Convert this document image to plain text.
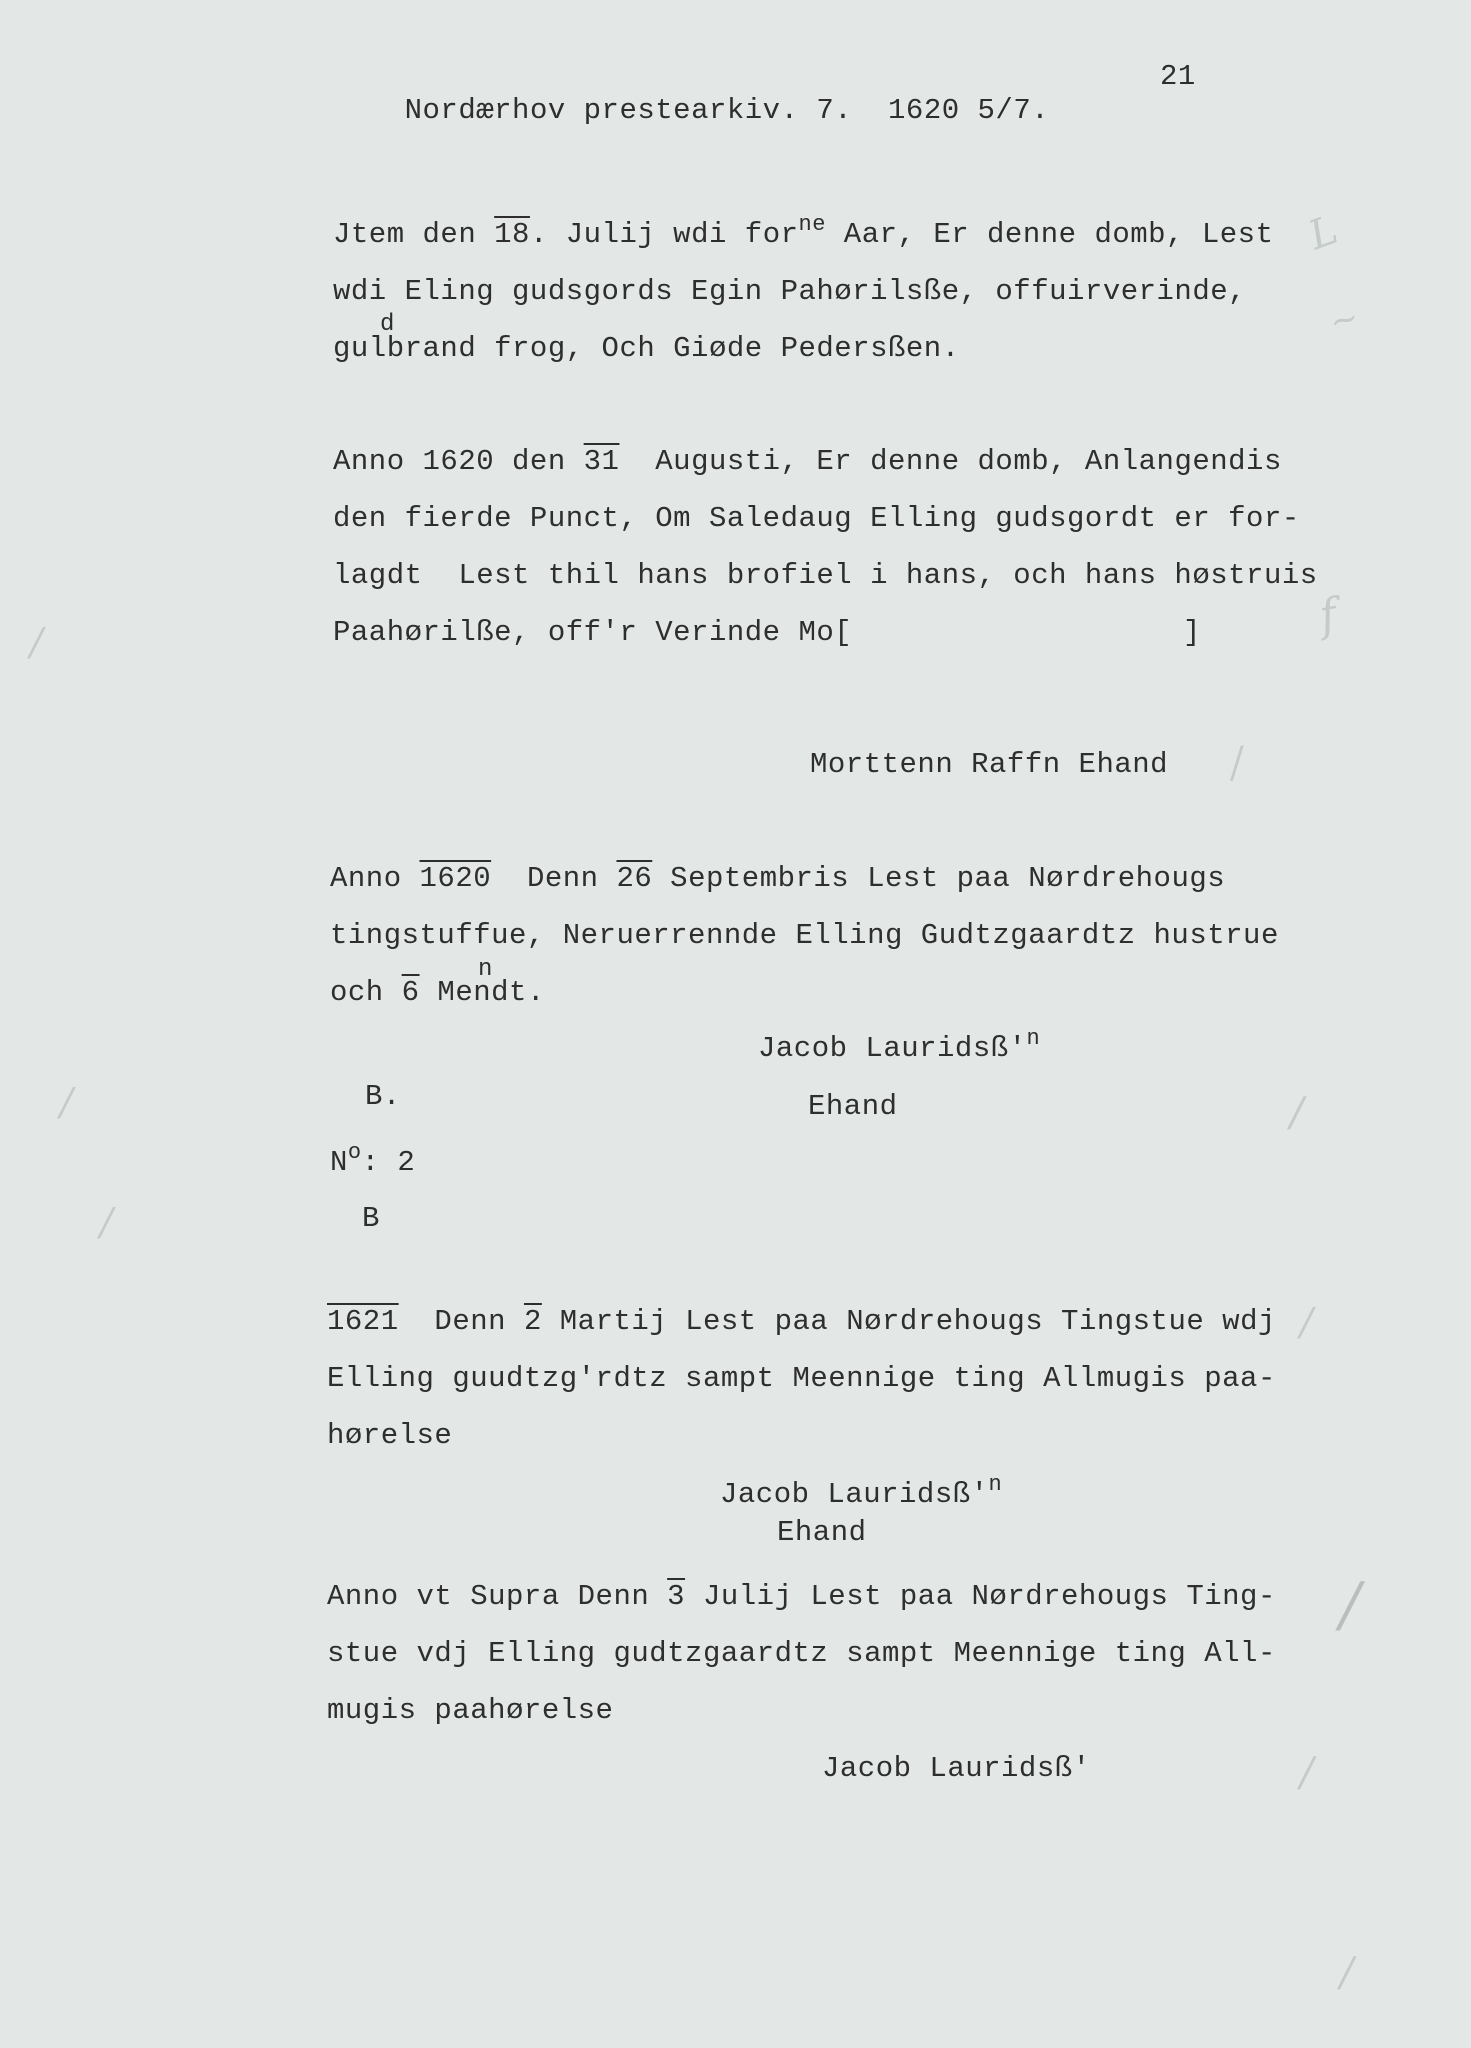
L
~
f
/
/
/
/
/
/
/
/
/

Nordærhov prestearkiv. 7. 1620 5/7.

21
Jtem den 18. Julij wdi for$^{ne}$ Aar, Er denne domb, Lest
wdi Eling gudsgords Egin Pahørilsße, offuirverinde,
d
gulbrand frog, Och Giøde Pedersßen.
Anno 1620 den 31  Augusti, Er denne domb, Anlangendis
den fierde Punct, Om Saledaug Elling gudsgordt er for-
lagdt  Lest thil hans brofiel i hans, och hans høstruis
Paahørilße, off'r Verinde Mo[	]
Morttenn Raffn Ehand
Anno 1620  Denn 26 Septembris Lest paa Nørdrehougs
tingstuffue, Neruerrennde Elling Gudtzgaardtz hustrue
n
och 6 Mendt.
Jacob $Lauridsß'^n$
Ehand
B.
$N^o$: 2
B
1621  Denn 2 Martij Lest paa Nørdrehougs Tingstue wdj
Elling guudtzg'rdtz sampt Meennige ting Allmugis paa-
hørelse
Jacob $Lauridsß'^n$
Ehand
Anno vt Supra Denn 3 Julij Lest paa Nørdrehougs Ting-
stue vdj Elling gudtzgaardtz sampt Meennige ting All-
mugis paahørelse
Jacob Lauridsß'
